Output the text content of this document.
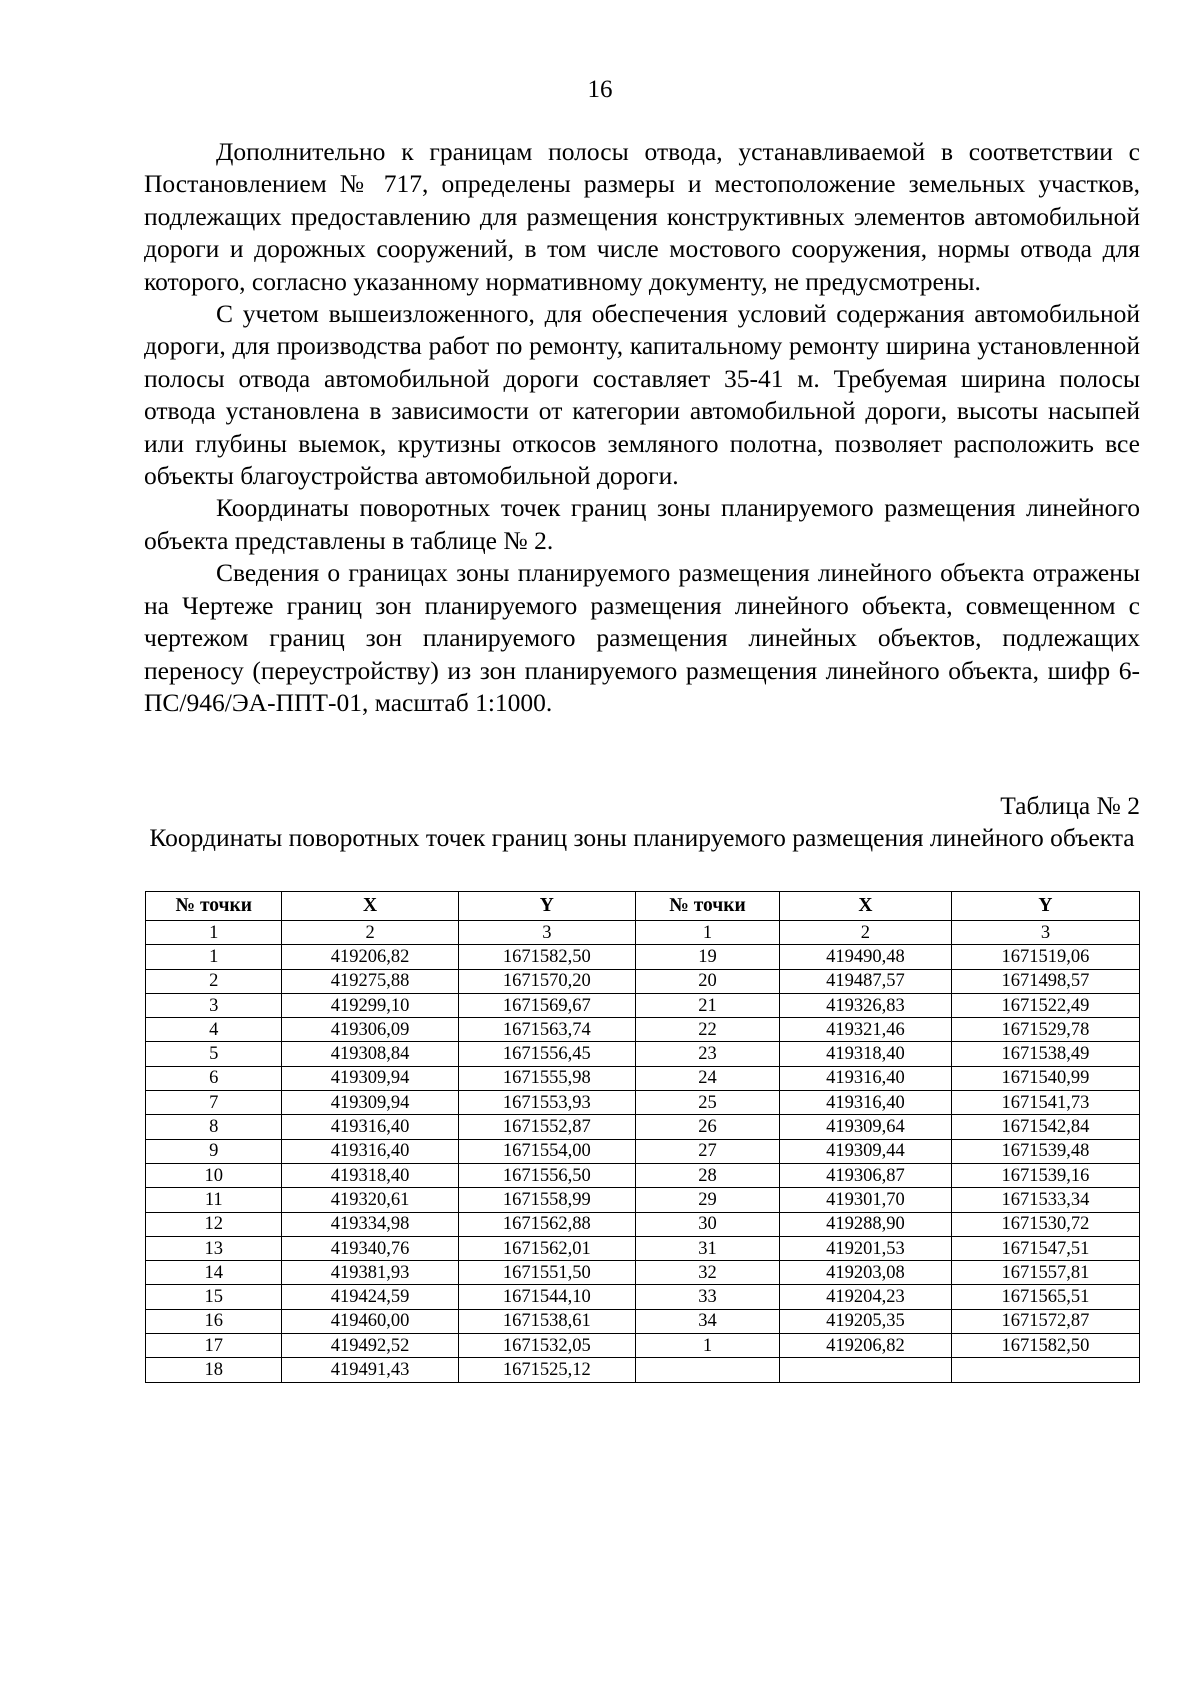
16

Дополнительно к границам полосы отвода, устанавливаемой в соответствии с Постановлением № 717, определены размеры и местоположение земельных участков, подлежащих предоставлению для размещения конструктивных элементов автомобильной дороги и дорожных сооружений, в том числе мостового сооружения, нормы отвода для которого, согласно указанному нормативному документу, не предусмотрены.

С учетом вышеизложенного, для обеспечения условий содержания автомобильной дороги, для производства работ по ремонту, капитальному ремонту ширина установленной полосы отвода автомобильной дороги составляет 35-41 м. Требуемая ширина полосы отвода установлена в зависимости от категории автомобильной дороги, высоты насыпей или глубины выемок, крутизны откосов земляного полотна, позволяет расположить все объекты благоустройства автомобильной дороги.

Координаты поворотных точек границ зоны планируемого размещения линейного объекта представлены в таблице № 2.

Сведения о границах зоны планируемого размещения линейного объекта отражены на Чертеже границ зон планируемого размещения линейного объекта, совмещенном с чертежом границ зон планируемого размещения линейных объектов, подлежащих переносу (переустройству) из зон планируемого размещения линейного объекта, шифр 6-ПС/946/ЭА-ППТ-01, масштаб 1:1000.

Таблица № 2
Координаты поворотных точек границ зоны планируемого размещения линейного объекта
№ точки	X	Y	№ точки	X	Y
1	2	3	1	2	3
1	419206,82	1671582,50	19	419490,48	1671519,06
2	419275,88	1671570,20	20	419487,57	1671498,57
3	419299,10	1671569,67	21	419326,83	1671522,49
4	419306,09	1671563,74	22	419321,46	1671529,78
5	419308,84	1671556,45	23	419318,40	1671538,49
6	419309,94	1671555,98	24	419316,40	1671540,99
7	419309,94	1671553,93	25	419316,40	1671541,73
8	419316,40	1671552,87	26	419309,64	1671542,84
9	419316,40	1671554,00	27	419309,44	1671539,48
10	419318,40	1671556,50	28	419306,87	1671539,16
11	419320,61	1671558,99	29	419301,70	1671533,34
12	419334,98	1671562,88	30	419288,90	1671530,72
13	419340,76	1671562,01	31	419201,53	1671547,51
14	419381,93	1671551,50	32	419203,08	1671557,81
15	419424,59	1671544,10	33	419204,23	1671565,51
16	419460,00	1671538,61	34	419205,35	1671572,87
17	419492,52	1671532,05	1	419206,82	1671582,50
18	419491,43	1671525,12			
